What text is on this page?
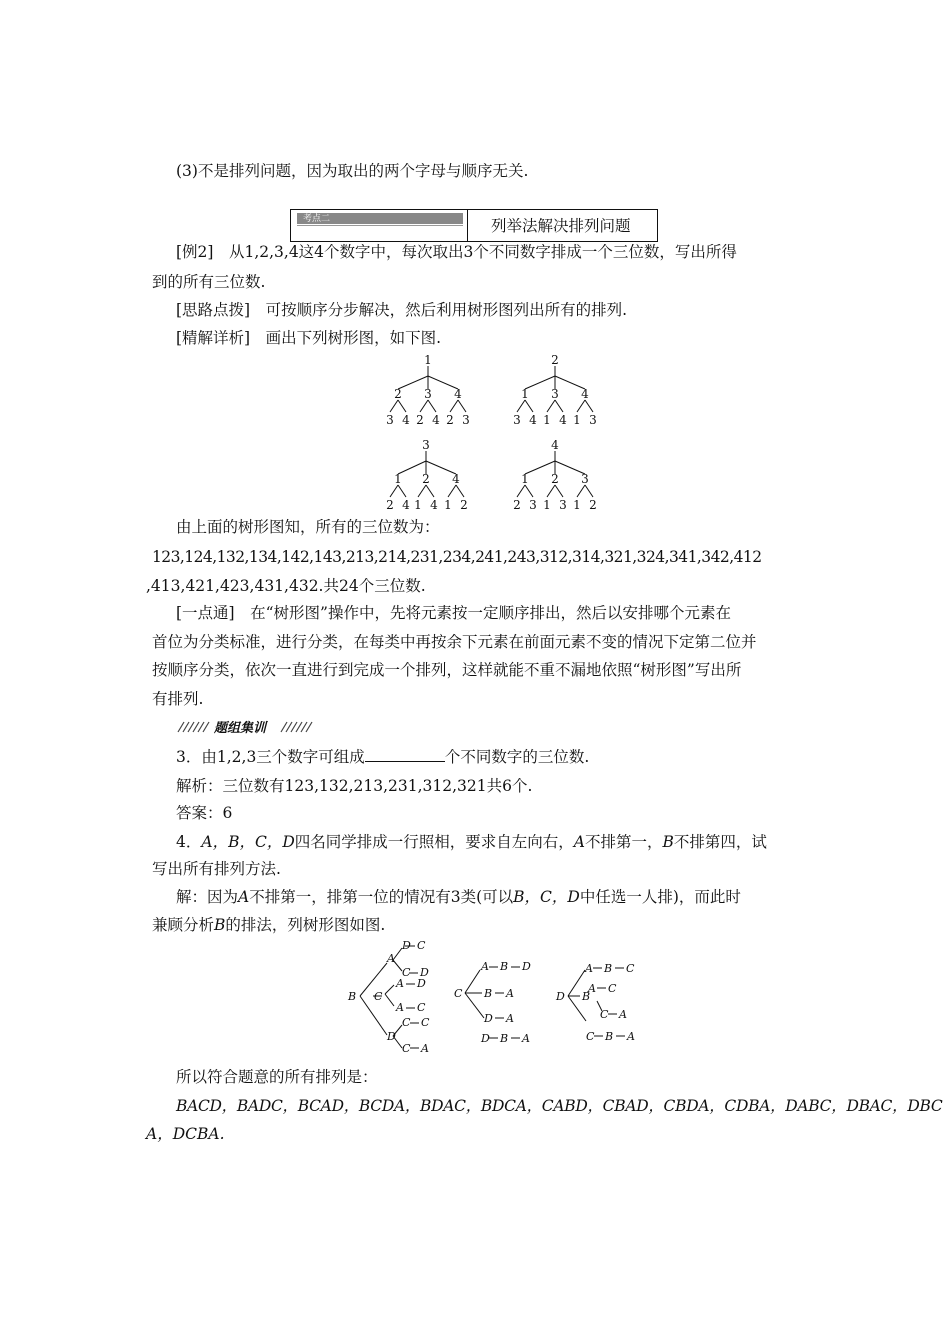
(3)不是排列问题，因为取出的两个字母与顺序无关.
考点二	列举法解决排列问题
[例2]　从1,2,3,4这4个数字中，每次取出3个不同数字排成一个三位数，写出所得
到的所有三位数.
[思路点拨]　可按顺序分步解决，然后利用树形图列出所有的排列.
[精解详析]　画出下列树形图，如下图.
1
2 3 4
3 4 2 4 2 3
2
1 3 4
3 4 1 4 1 3
3
1 2 4
2 4 1 4 1 2
4
1 2 3
2 3 1 3 1 2
由上面的树形图知，所有的三位数为：
123,124,132,134,142,143,213,214,231,234,241,243,312,314,321,324,341,342,412
,413,421,423,431,432.共24个三位数.
[一点通]　在“树形图”操作中，先将元素按一定顺序排出，然后以安排哪个元素在
首位为分类标准，进行分类，在每类中再按余下元素在前面元素不变的情况下定第二位并
按顺序分类，依次一直进行到完成一个排列，这样就能不重不漏地依照“树形图”写出所
有排列.
题组集训
3．由1,2,3三个数字可组成	个不同数字的三位数.
解析：三位数有123,132,213,231,312,321共6个.
答案：6
4．A，B，C，D四名同学排成一行照相，要求自左向右，A不排第一，B不排第四，试
写出所有排列方法.
解：因为A不排第一，排第一位的情况有3类(可以B，C，D中任选一人排)，而此时
兼顾分析B的排法，列树形图如图.
B
A
D C
C D
C
A D
A C
D
C C
C A
C
A B D
B A
D A
D B A
D
A B C
B
A C
C A
C B A
所以符合题意的所有排列是：
BACD，BADC，BCAD，BCDA，BDAC，BDCA，CABD，CBAD，CBDA，CDBA，DABC，DBAC，DBC
A，DCBA.
